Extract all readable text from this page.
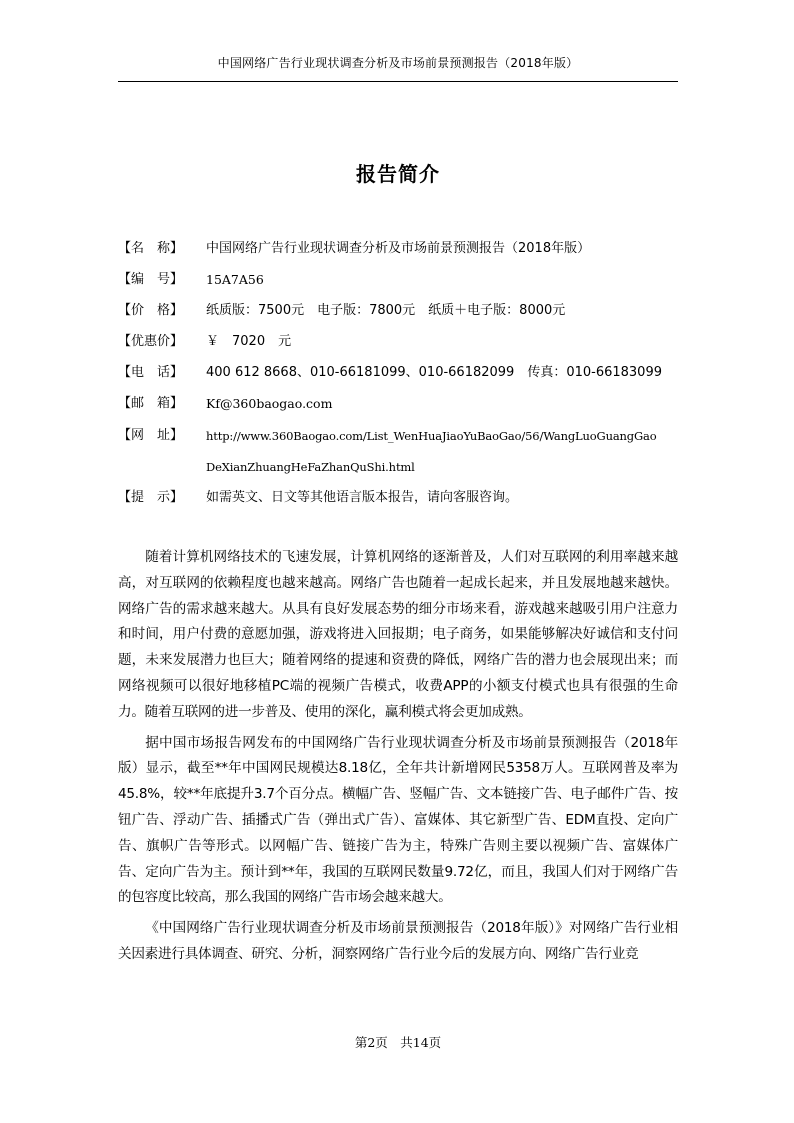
中国网络广告行业现状调查分析及市场前景预测报告（2018年版）
报告简介
【名　称】	中国网络广告行业现状调查分析及市场前景预测报告（2018年版）
【编　号】	15A7A56
【价　格】	纸质版：7500元　电子版：7800元　纸质＋电子版：8000元
【优惠价】	￥　7020　元
【电　话】	400 612 8668、010-66181099、010-66182099　传真：010-66183099
【邮　箱】	Kf@360baogao.com
【网　址】	http://www.360Baogao.com/List_WenHuaJiaoYuBaoGao/56/WangLuoGuangGao
DeXianZhuangHeFaZhanQuShi.html
【提　示】	如需英文、日文等其他语言版本报告，请向客服咨询。

随着计算机网络技术的飞速发展，计算机网络的逐渐普及，人们对互联网的利用率越来越高，对互联网的依赖程度也越来越高。网络广告也随着一起成长起来，并且发展地越来越快。网络广告的需求越来越大。从具有良好发展态势的细分市场来看，游戏越来越吸引用户注意力和时间，用户付费的意愿加强，游戏将进入回报期；电子商务，如果能够解决好诚信和支付问题，未来发展潜力也巨大；随着网络的提速和资费的降低，网络广告的潜力也会展现出来；而网络视频可以很好地移植PC端的视频广告模式，收费APP的小额支付模式也具有很强的生命力。随着互联网的进一步普及、使用的深化，赢利模式将会更加成熟。

据中国市场报告网发布的中国网络广告行业现状调查分析及市场前景预测报告（2018年版）显示，截至**年中国网民规模达8.18亿，全年共计新增网民5358万人。互联网普及率为45.8%，较**年底提升3.7个百分点。横幅广告、竖幅广告、文本链接广告、电子邮件广告、按钮广告、浮动广告、插播式广告（弹出式广告）、富媒体、其它新型广告、EDM直投、定向广告、旗帜广告等形式。以网幅广告、链接广告为主，特殊广告则主要以视频广告、富媒体广告、定向广告为主。预计到**年，我国的互联网民数量9.72亿，而且，我国人们对于网络广告的包容度比较高，那么我国的网络广告市场会越来越大。

《中国网络广告行业现状调查分析及市场前景预测报告（2018年版）》对网络广告行业相关因素进行具体调查、研究、分析，洞察网络广告行业今后的发展方向、网络广告行业竞

第2页　共14页
